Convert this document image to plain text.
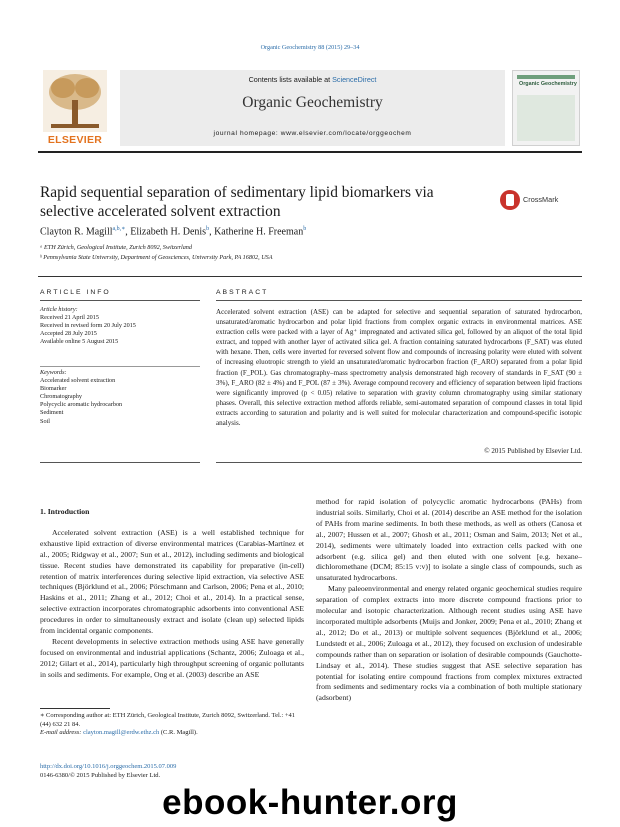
Organic Geochemistry 88 (2015) 29–34
ELSEVIER
Contents lists available at ScienceDirect
Organic Geochemistry
journal homepage: www.elsevier.com/locate/orggeochem
Organic Geochemistry
Rapid sequential separation of sedimentary lipid biomarkers via
selective accelerated solvent extraction
CrossMark
Clayton R. Magill$^{a,b,∗}$, Elizabeth H. Denis$^b$, Katherine H. Freeman$^b$
ᵃ ETH Zürich, Geological Institute, Zurich 8092, Switzerland
ᵇ Pennsylvania State University, Department of Geosciences, University Park, PA 16802, USA
ARTICLE INFO	ABSTRACT
Article history:
Received 21 April 2015
Received in revised form 20 July 2015
Accepted 28 July 2015
Available online 5 August 2015
Keywords:
Accelerated solvent extraction
Biomarker
Chromatography
Polycyclic aromatic hydrocarbon
Sediment
Soil
Accelerated solvent extraction (ASE) can be adapted for selective and sequential separation of saturated hydrocarbon, unsaturated/aromatic hydrocarbon and polar lipid fractions from complex organic extracts in environmental matrices. ASE extraction cells were packed with a layer of Ag⁺ impregnated and activated silica gel, followed by an aliquot of the total lipid extract, and topped with another layer of activated silica gel. A fraction containing saturated hydrocarbons (F_SAT) was eluted with hexane. Then, cells were inverted for reversed solvent flow and compounds of increasing polarity were eluted with solvent of increasing eluotropic strength to yield an unsaturated/aromatic hydrocarbon fraction (F_ARO) separated from a polar lipid fraction (F_POL). Gas chromatography–mass spectrometry analysis demonstrated high recovery of standards in F_SAT (90 ± 3%), F_ARO (82 ± 4%) and F_POL (87 ± 3%). Average compound recovery and efficiency of separation between lipid fractions were significantly improved (p < 0.05) relative to separation with gravity column chromatography using similar stationary phases. Overall, this selective extraction method affords reliable, semi-automated separation of compound classes in total lipid extracts according to saturation and polarity and is well suited for molecular characterization and compound-specific isotopic analysis.
© 2015 Published by Elsevier Ltd.
1. Introduction

Accelerated solvent extraction (ASE) is a well established technique for exhaustive lipid extraction of diverse environmental matrices (Carabias-Martínez et al., 2005; Ridgway et al., 2007; Sun et al., 2012), including sediments and biological tissue. Recent studies have demonstrated its capability for preparative (in-cell) retention of matrix interferences during selective lipid extraction, via selective ASE techniques (Björklund et al., 2006; Pörschmann and Carlson, 2006; Pena et al., 2010; Haskins et al., 2011; Zhang et al., 2012; Choi et al., 2014). In a practical sense, selective extraction incorporates chromatographic adsorbents into conventional ASE procedures in order to simultaneously extract and isolate (clean up) selected lipids from incidental organic components.

Recent developments in selective extraction methods using ASE have generally focused on environmental and industrial applications (Schantz, 2006; Zuloaga et al., 2012; Gilart et al., 2014), particularly high throughput screening of organic pollutants in soils and sediments. For example, Ong et al. (2003) describe an ASE

method for rapid isolation of polycyclic aromatic hydrocarbons (PAHs) from industrial soils. Similarly, Choi et al. (2014) describe an ASE method for the isolation of PAHs from marine sediments. In both these methods, as well as others (Canosa et al., 2007; Hussen et al., 2007; Ghosh et al., 2011; Osman and Saim, 2013; Net et al., 2014), sediments were ultimately loaded into extraction cells packed with one adsorbent (e.g. silica gel) and then eluted with one solvent [e.g. hexane–dichloromethane (DCM; 85:15 v:v)] to isolate a single class of compounds, such as unsaturated hydrocarbons.

Many paleoenvironmental and energy related organic geochemical studies require separation of complex extracts into more discrete compound fractions prior to molecular and isotopic characterization. Although recent studies using ASE have incorporated multiple adsorbents (Muijs and Jonker, 2009; Pena et al., 2010; Zhang et al., 2012; Do et al., 2013) or multiple solvent sequences (Björklund et al., 2006; Lundstedt et al., 2006; Zuloaga et al., 2012), they focused on exclusion of undesirable compounds rather than on separation or isolation of desirable compounds (Gauchotte-Lindsay et al., 2014). These studies suggest that ASE selective separation has potential for isolating entire compound fractions from complex mixtures extracted from sediments and sedimentary rocks via a combination of both multiple stationary (adsorbent)

∗ Corresponding author at: ETH Zürich, Geological Institute, Zurich 8092, Switzerland. Tel.: +41 (44) 632 21 84.
E-mail address: clayton.magill@erdw.ethz.ch (C.R. Magill).
http://dx.doi.org/10.1016/j.orggeochem.2015.07.009
0146-6380/© 2015 Published by Elsevier Ltd.
ebook-hunter.org
